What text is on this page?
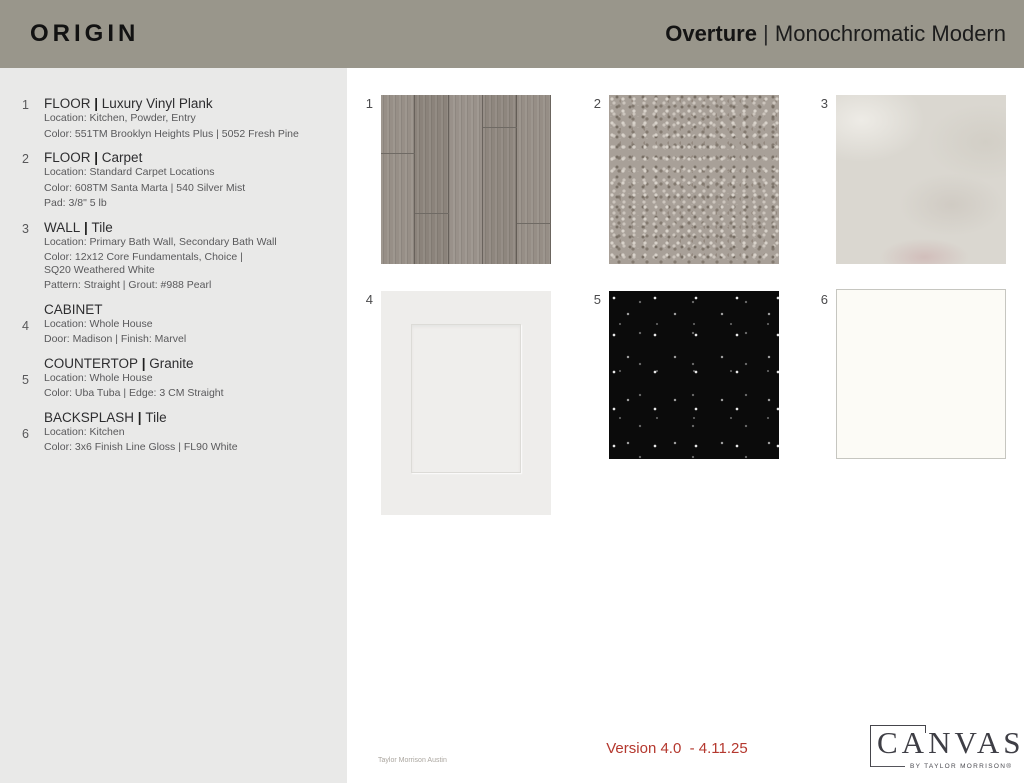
ORIGIN	Overture | Monochromatic Modern
1	FLOOR | Luxury Vinyl Plank
Location: Kitchen, Powder, Entry
Color: 551TM Brooklyn Heights Plus | 5052 Fresh Pine
2	FLOOR | Carpet
Location: Standard Carpet Locations
Color: 608TM Santa Marta | 540 Silver Mist
Pad: 3/8" 5 lb
3	WALL | Tile
Location: Primary Bath Wall, Secondary Bath Wall
Color: 12x12 Core Fundamentals, Choice |
SQ20 Weathered White
Pattern: Straight | Grout: #988 Pearl
4
CABINET
Location: Whole House
Door: Madison | Finish: Marvel
5
COUNTERTOP | Granite
Location: Whole House
Color: Uba Tuba | Edge: 3 CM Straight
6
BACKSPLASH | Tile
Location: Kitchen
Color: 3x6 Finish Line Gloss | FL90 White
1	2	3
4	5	6
Taylor Morrison Austin
Version 4.0  - 4.11.25	CANVAS
BY TAYLOR MORRISON®
